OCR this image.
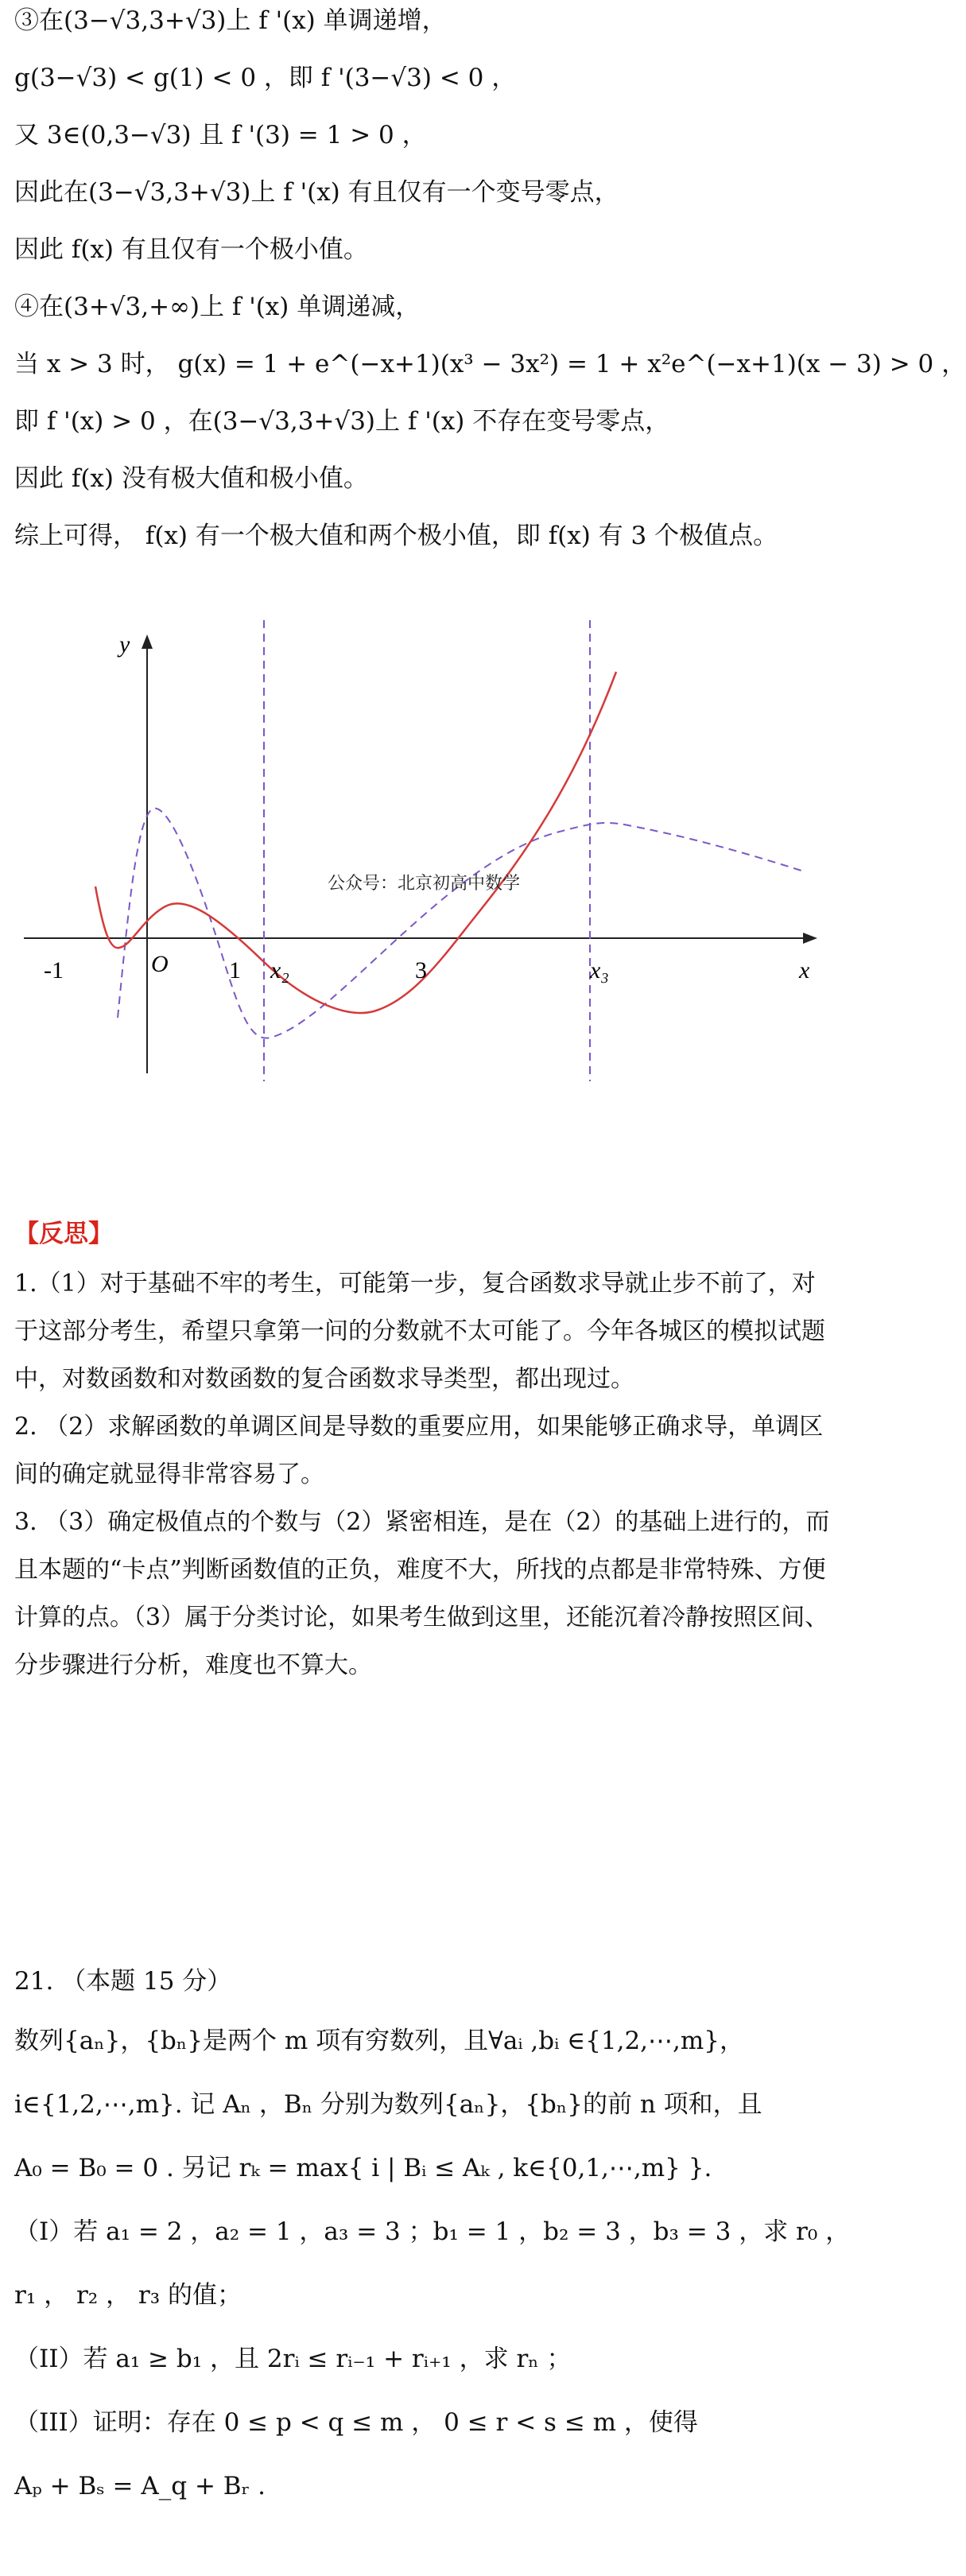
③在(3−√3,3+√3)上 f '(x) 单调递增，
g(3−√3) < g(1) < 0 ，即 f '(3−√3) < 0 ，
又 3∈(0,3−√3) 且 f '(3) = 1 > 0 ，
因此在(3−√3,3+√3)上 f '(x) 有且仅有一个变号零点，
因此 f(x) 有且仅有一个极小值。
④在(3+√3,+∞)上 f '(x) 单调递减，
当 x > 3 时， g(x) = 1 + e^(−x+1)(x³ − 3x²) = 1 + x²e^(−x+1)(x − 3) > 0 ，
即 f '(x) > 0 ，在(3−√3,3+√3)上 f '(x) 不存在变号零点，
因此 f(x) 没有极大值和极小值。
综上可得， f(x) 有一个极大值和两个极小值，即 f(x) 有 3 个极值点。
y
x
-1	O	1 x₂	3	x₃
公众号：北京初高中数学
【反思】
1.（1）对于基础不牢的考生，可能第一步，复合函数求导就止步不前了，对于这部分考生，希望只拿第一问的分数就不太可能了。今年各城区的模拟试题中，对数函数和对数函数的复合函数求导类型，都出现过。
2. （2）求解函数的单调区间是导数的重要应用，如果能够正确求导，单调区间的确定就显得非常容易了。
3. （3）确定极值点的个数与（2）紧密相连，是在（2）的基础上进行的，而且本题的“卡点”判断函数值的正负，难度不大，所找的点都是非常特殊、方便计算的点。（3）属于分类讨论，如果考生做到这里，还能沉着冷静按照区间、分步骤进行分析，难度也不算大。
21. （本题 15 分）
数列{aₙ}，{bₙ}是两个 m 项有穷数列，且∀aᵢ ,bᵢ ∈{1,2,⋯,m}，
i∈{1,2,⋯,m}. 记 Aₙ ，Bₙ 分别为数列{aₙ}，{bₙ}的前 n 项和，且
A₀ = B₀ = 0 . 另记 rₖ = max{ i | Bᵢ ≤ Aₖ , k∈{0,1,⋯,m} }.
（I）若 a₁ = 2 ，a₂ = 1 ，a₃ = 3 ；b₁ = 1 ，b₂ = 3 ，b₃ = 3 ，求 r₀ ，
r₁ ， r₂ ， r₃ 的值；
（II）若 a₁ ≥ b₁ ，且 2rᵢ ≤ rᵢ₋₁ + rᵢ₊₁ ，求 rₙ ；
（III）证明：存在 0 ≤ p < q ≤ m ， 0 ≤ r < s ≤ m ，使得
Aₚ + Bₛ = A_q + Bᵣ .
